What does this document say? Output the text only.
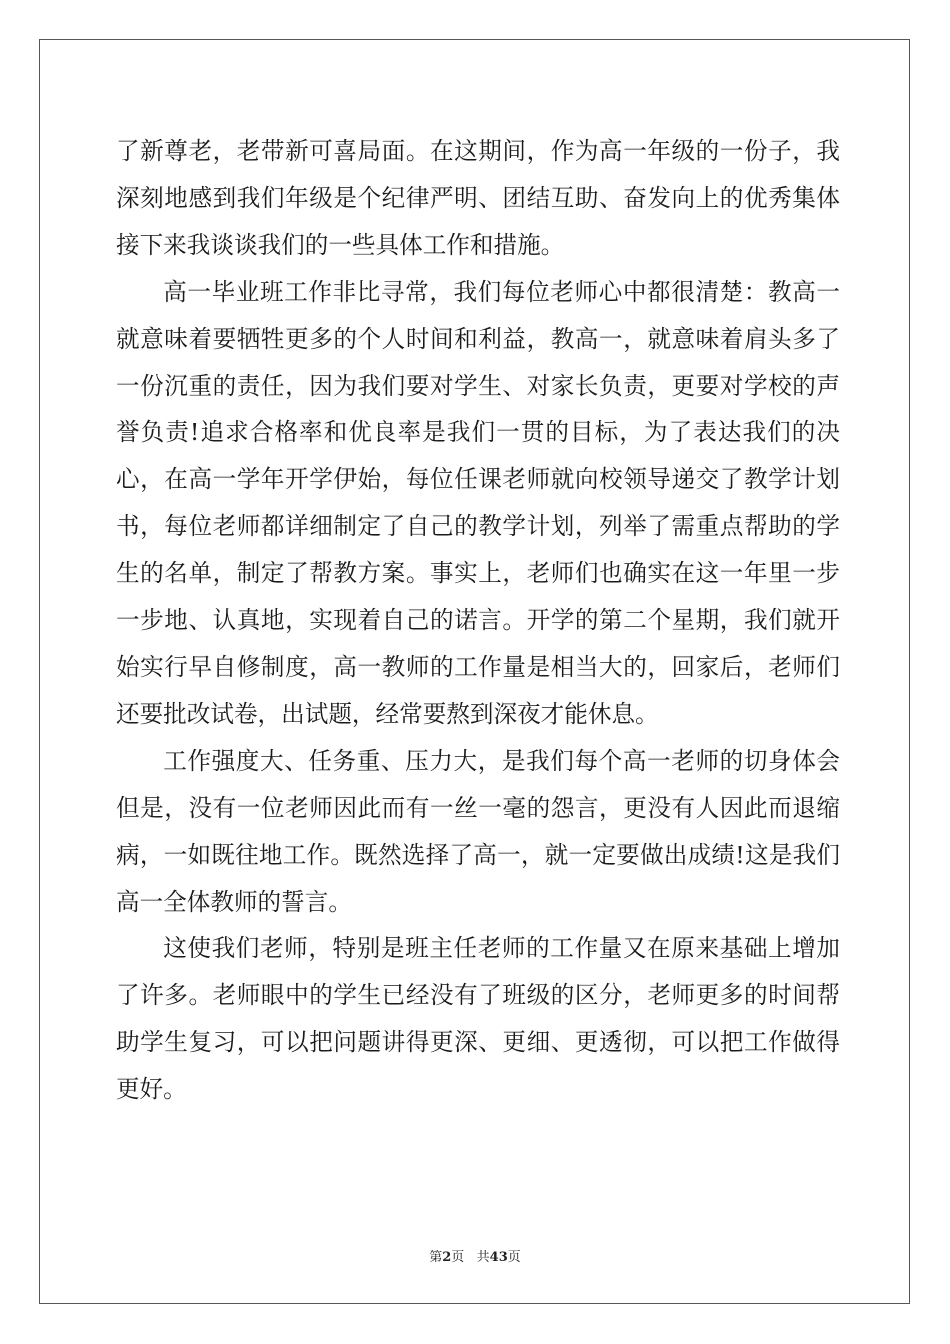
了新尊老，老带新可喜局面。在这期间，作为高一年级的一份子，我深刻地感到我们年级是个纪律严明、团结互助、奋发向上的优秀集体接下来我谈谈我们的一些具体工作和措施。

高一毕业班工作非比寻常，我们每位老师心中都很清楚：教高一就意味着要牺牲更多的个人时间和利益，教高一，就意味着肩头多了一份沉重的责任，因为我们要对学生、对家长负责，更要对学校的声誉负责!追求合格率和优良率是我们一贯的目标，为了表达我们的决心，在高一学年开学伊始，每位任课老师就向校领导递交了教学计划书，每位老师都详细制定了自己的教学计划，列举了需重点帮助的学生的名单，制定了帮教方案。事实上，老师们也确实在这一年里一步一步地、认真地，实现着自己的诺言。开学的第二个星期，我们就开始实行早自修制度，高一教师的工作量是相当大的，回家后，老师们还要批改试卷，出试题，经常要熬到深夜才能休息。

工作强度大、任务重、压力大，是我们每个高一老师的切身体会但是，没有一位老师因此而有一丝一毫的怨言，更没有人因此而退缩病，一如既往地工作。既然选择了高一，就一定要做出成绩!这是我们高一全体教师的誓言。

这使我们老师，特别是班主任老师的工作量又在原来基础上增加了许多。老师眼中的学生已经没有了班级的区分，老师更多的时间帮助学生复习，可以把问题讲得更深、更细、更透彻，可以把工作做得更好。

第2页   共43页
